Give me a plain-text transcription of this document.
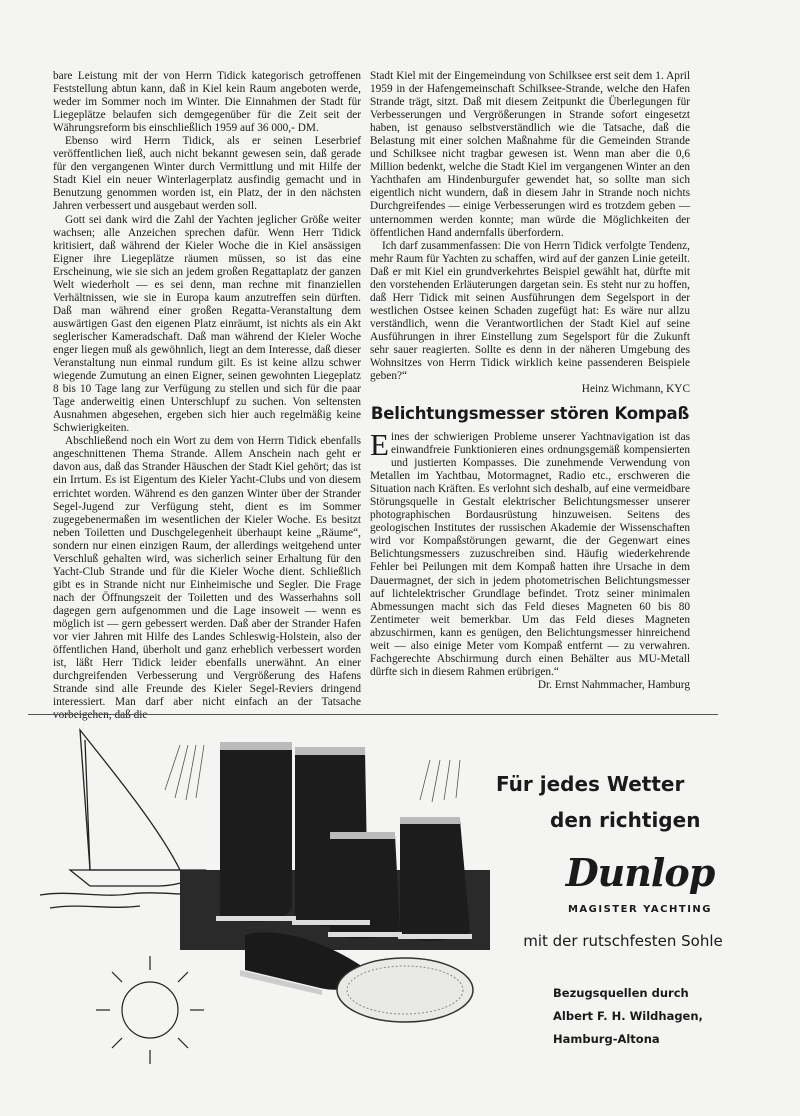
bare Leistung mit der von Herrn Tidick kategorisch getroffenen Feststellung abtun kann, daß in Kiel kein Raum angeboten werde, weder im Sommer noch im Winter. Die Einnahmen der Stadt für Liegeplätze belaufen sich demgegenüber für die Zeit seit der Währungsreform bis einschließlich 1959 auf 36 000,- DM.

Ebenso wird Herrn Tidick, als er seinen Leserbrief veröffentlichen ließ, auch nicht bekannt gewesen sein, daß gerade für den vergangenen Winter durch Vermittlung und mit Hilfe der Stadt Kiel ein neuer Winterlagerplatz ausfindig gemacht und in Benutzung genommen worden ist, ein Platz, der in den nächsten Jahren verbessert und ausgebaut werden soll.

Gott sei dank wird die Zahl der Yachten jeglicher Größe weiter wachsen; alle Anzeichen sprechen dafür. Wenn Herr Tidick kritisiert, daß während der Kieler Woche die in Kiel ansässigen Eigner ihre Liegeplätze räumen müssen, so ist das eine Erscheinung, wie sie sich an jedem großen Regattaplatz der ganzen Welt wiederholt — es sei denn, man rechne mit finanziellen Verhältnissen, wie sie in Europa kaum anzutreffen sein dürften. Daß man während einer großen Regatta-Veranstaltung dem auswärtigen Gast den eigenen Platz einräumt, ist nichts als ein Akt seglerischer Kameradschaft. Daß man während der Kieler Woche enger liegen muß als gewöhnlich, liegt an dem Interesse, daß dieser Veranstaltung nun einmal rundum gilt. Es ist keine allzu schwer wiegende Zumutung an einen Eigner, seinen gewohnten Liegeplatz 8 bis 10 Tage lang zur Verfügung zu stellen und sich für die paar Tage anderweitig einen Unterschlupf zu suchen. Von seltensten Ausnahmen abgesehen, ergeben sich hier auch regelmäßig keine Schwierigkeiten.

Abschließend noch ein Wort zu dem von Herrn Tidick ebenfalls angeschnittenen Thema Strande. Allem Anschein nach geht er davon aus, daß das Strander Häuschen der Stadt Kiel gehört; das ist ein Irrtum. Es ist Eigentum des Kieler Yacht-Clubs und von diesem errichtet worden. Während es den ganzen Winter über der Strander Segel-Jugend zur Verfügung steht, dient es im Sommer zugegebenermaßen im wesentlichen der Kieler Woche. Es besitzt neben Toiletten und Duschgelegenheit überhaupt keine „Räume“, sondern nur einen einzigen Raum, der allerdings weitgehend unter Verschluß gehalten wird, was sicherlich seiner Erhaltung für den Yacht-Club Strande und für die Kieler Woche dient. Schließlich gibt es in Strande nicht nur Einheimische und Segler. Die Frage nach der Öffnungszeit der Toiletten und des Wasserhahns soll dagegen gern aufgenommen und die Lage insoweit — wenn es möglich ist — gern gebessert werden. Daß aber der Strander Hafen vor vier Jahren mit Hilfe des Landes Schleswig-Holstein, also der öffentlichen Hand, überholt und ganz erheblich verbessert worden ist, läßt Herr Tidick leider ebenfalls unerwähnt. An einer durchgreifenden Verbesserung und Vergrößerung des Hafens Strande sind alle Freunde des Kieler Segel-Reviers dringend interessiert. Man darf aber nicht einfach an der Tatsache vorbeigehen, daß die

Stadt Kiel mit der Eingemeindung von Schilksee erst seit dem 1. April 1959 in der Hafengemeinschaft Schilksee-Strande, welche den Hafen Strande trägt, sitzt. Daß mit diesem Zeitpunkt die Überlegungen für Verbesserungen und Vergrößerungen in Strande sofort eingesetzt haben, ist genauso selbstverständlich wie die Tatsache, daß die Belastung mit einer solchen Maßnahme für die Gemeinden Strande und Schilksee nicht tragbar gewesen ist. Wenn man aber die 0,6 Million bedenkt, welche die Stadt Kiel im vergangenen Winter an den Yachthafen am Hindenburgufer gewendet hat, so sollte man sich eigentlich nicht wundern, daß in diesem Jahr in Strande noch nichts Durchgreifendes — einige Verbesserungen wird es trotzdem geben — unternommen werden konnte; man würde die Möglichkeiten der öffentlichen Hand andernfalls überfordern.

Ich darf zusammenfassen: Die von Herrn Tidick verfolgte Tendenz, mehr Raum für Yachten zu schaffen, wird auf der ganzen Linie geteilt. Daß er mit Kiel ein grundverkehrtes Beispiel gewählt hat, dürfte mit den vorstehenden Erläuterungen dargetan sein. Es steht nur zu hoffen, daß Herr Tidick mit seinen Ausführungen dem Segelsport in der westlichen Ostsee keinen Schaden zugefügt hat: Es wäre nur allzu verständlich, wenn die Verantwortlichen der Stadt Kiel auf seine Ausführungen in ihrer Einstellung zum Segelsport für die Zukunft sehr sauer reagierten. Sollte es denn in der näheren Umgebung des Wohnsitzes von Herrn Tidick wirklich keine passenderen Beispiele geben?“

Heinz Wichmann, KYC

Belichtungsmesser stören Kompaß

Eines der schwierigen Probleme unserer Yachtnavigation ist das einwandfreie Funktionieren eines ordnungsgemäß kompensierten und justierten Kompasses. Die zunehmende Verwendung von Metallen im Yachtbau, Motormagnet, Radio etc., erschweren die Situation nach Kräften. Es verlohnt sich deshalb, auf eine vermeidbare Störungsquelle in Gestalt elektrischer Belichtungsmesser unserer photographischen Bordausrüstung hinzuweisen. Seitens des geologischen Institutes der russischen Akademie der Wissenschaften wird vor Kompaßstörungen gewarnt, die der Gegenwart eines Belichtungsmessers zuzuschreiben sind. Häufig wiederkehrende Fehler bei Peilungen mit dem Kompaß hatten ihre Ursache in dem Dauermagnet, der sich in jedem photometrischen Belichtungsmesser auf lichtelektrischer Grundlage befindet. Trotz seiner minimalen Abmessungen macht sich das Feld dieses Magneten 60 bis 80 Zentimeter weit bemerkbar. Um das Feld dieses Magneten abzuschirmen, kann es genügen, den Belichtungsmesser hinreichend weit — also einige Meter vom Kompaß entfernt — zu verwahren. Fachgerechte Abschirmung durch einen Behälter aus MU-Metall dürfte sich in diesem Rahmen erübrigen.“

Dr. Ernst Nahmmacher, Hamburg

Für jedes Wetter
den richtigen
Dunlop
MAGISTER YACHTING
mit der rutschfesten Sohle
Bezugsquellen durch
Albert F. H. Wildhagen,
Hamburg-Altona
